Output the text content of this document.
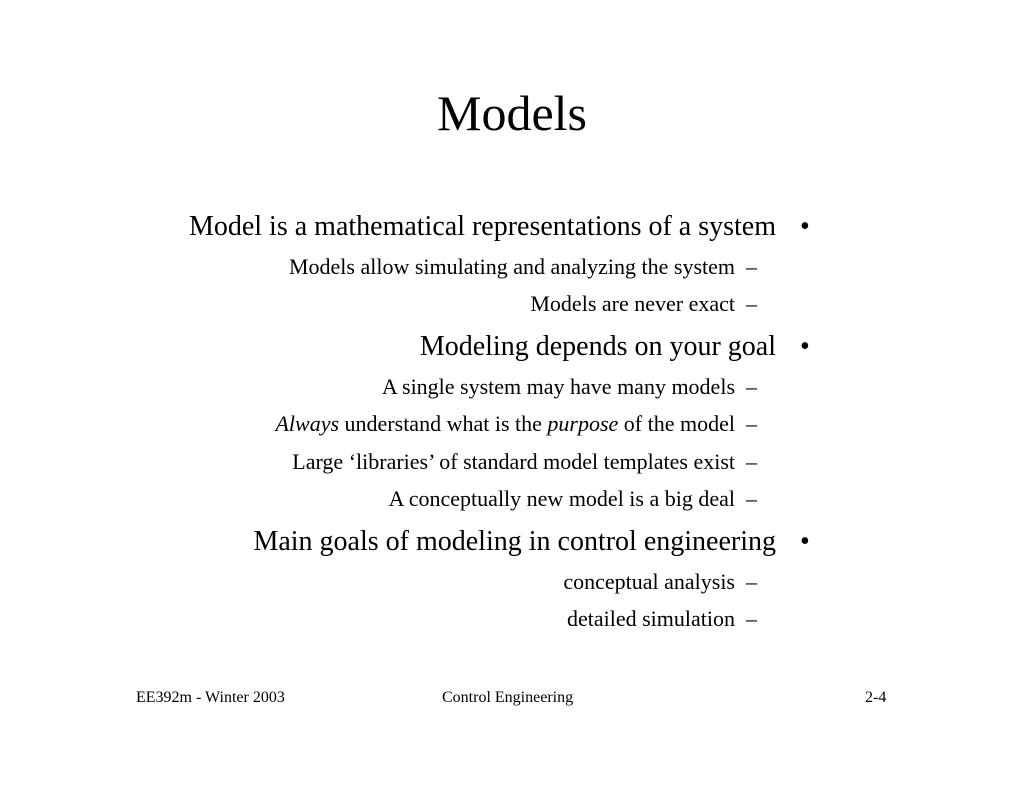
Models
Model is a mathematical representations of a system •
Models allow simulating and analyzing the system –
Models are never exact –
Modeling depends on your goal •
A single system may have many models –
Always understand what is the purpose of the model –
Large ‘libraries’ of standard model templates exist –
A conceptually new model is a big deal –
Main goals of modeling in control engineering •
conceptual analysis –
detailed simulation –
EE392m - Winter 2003	Control Engineering	2-4
